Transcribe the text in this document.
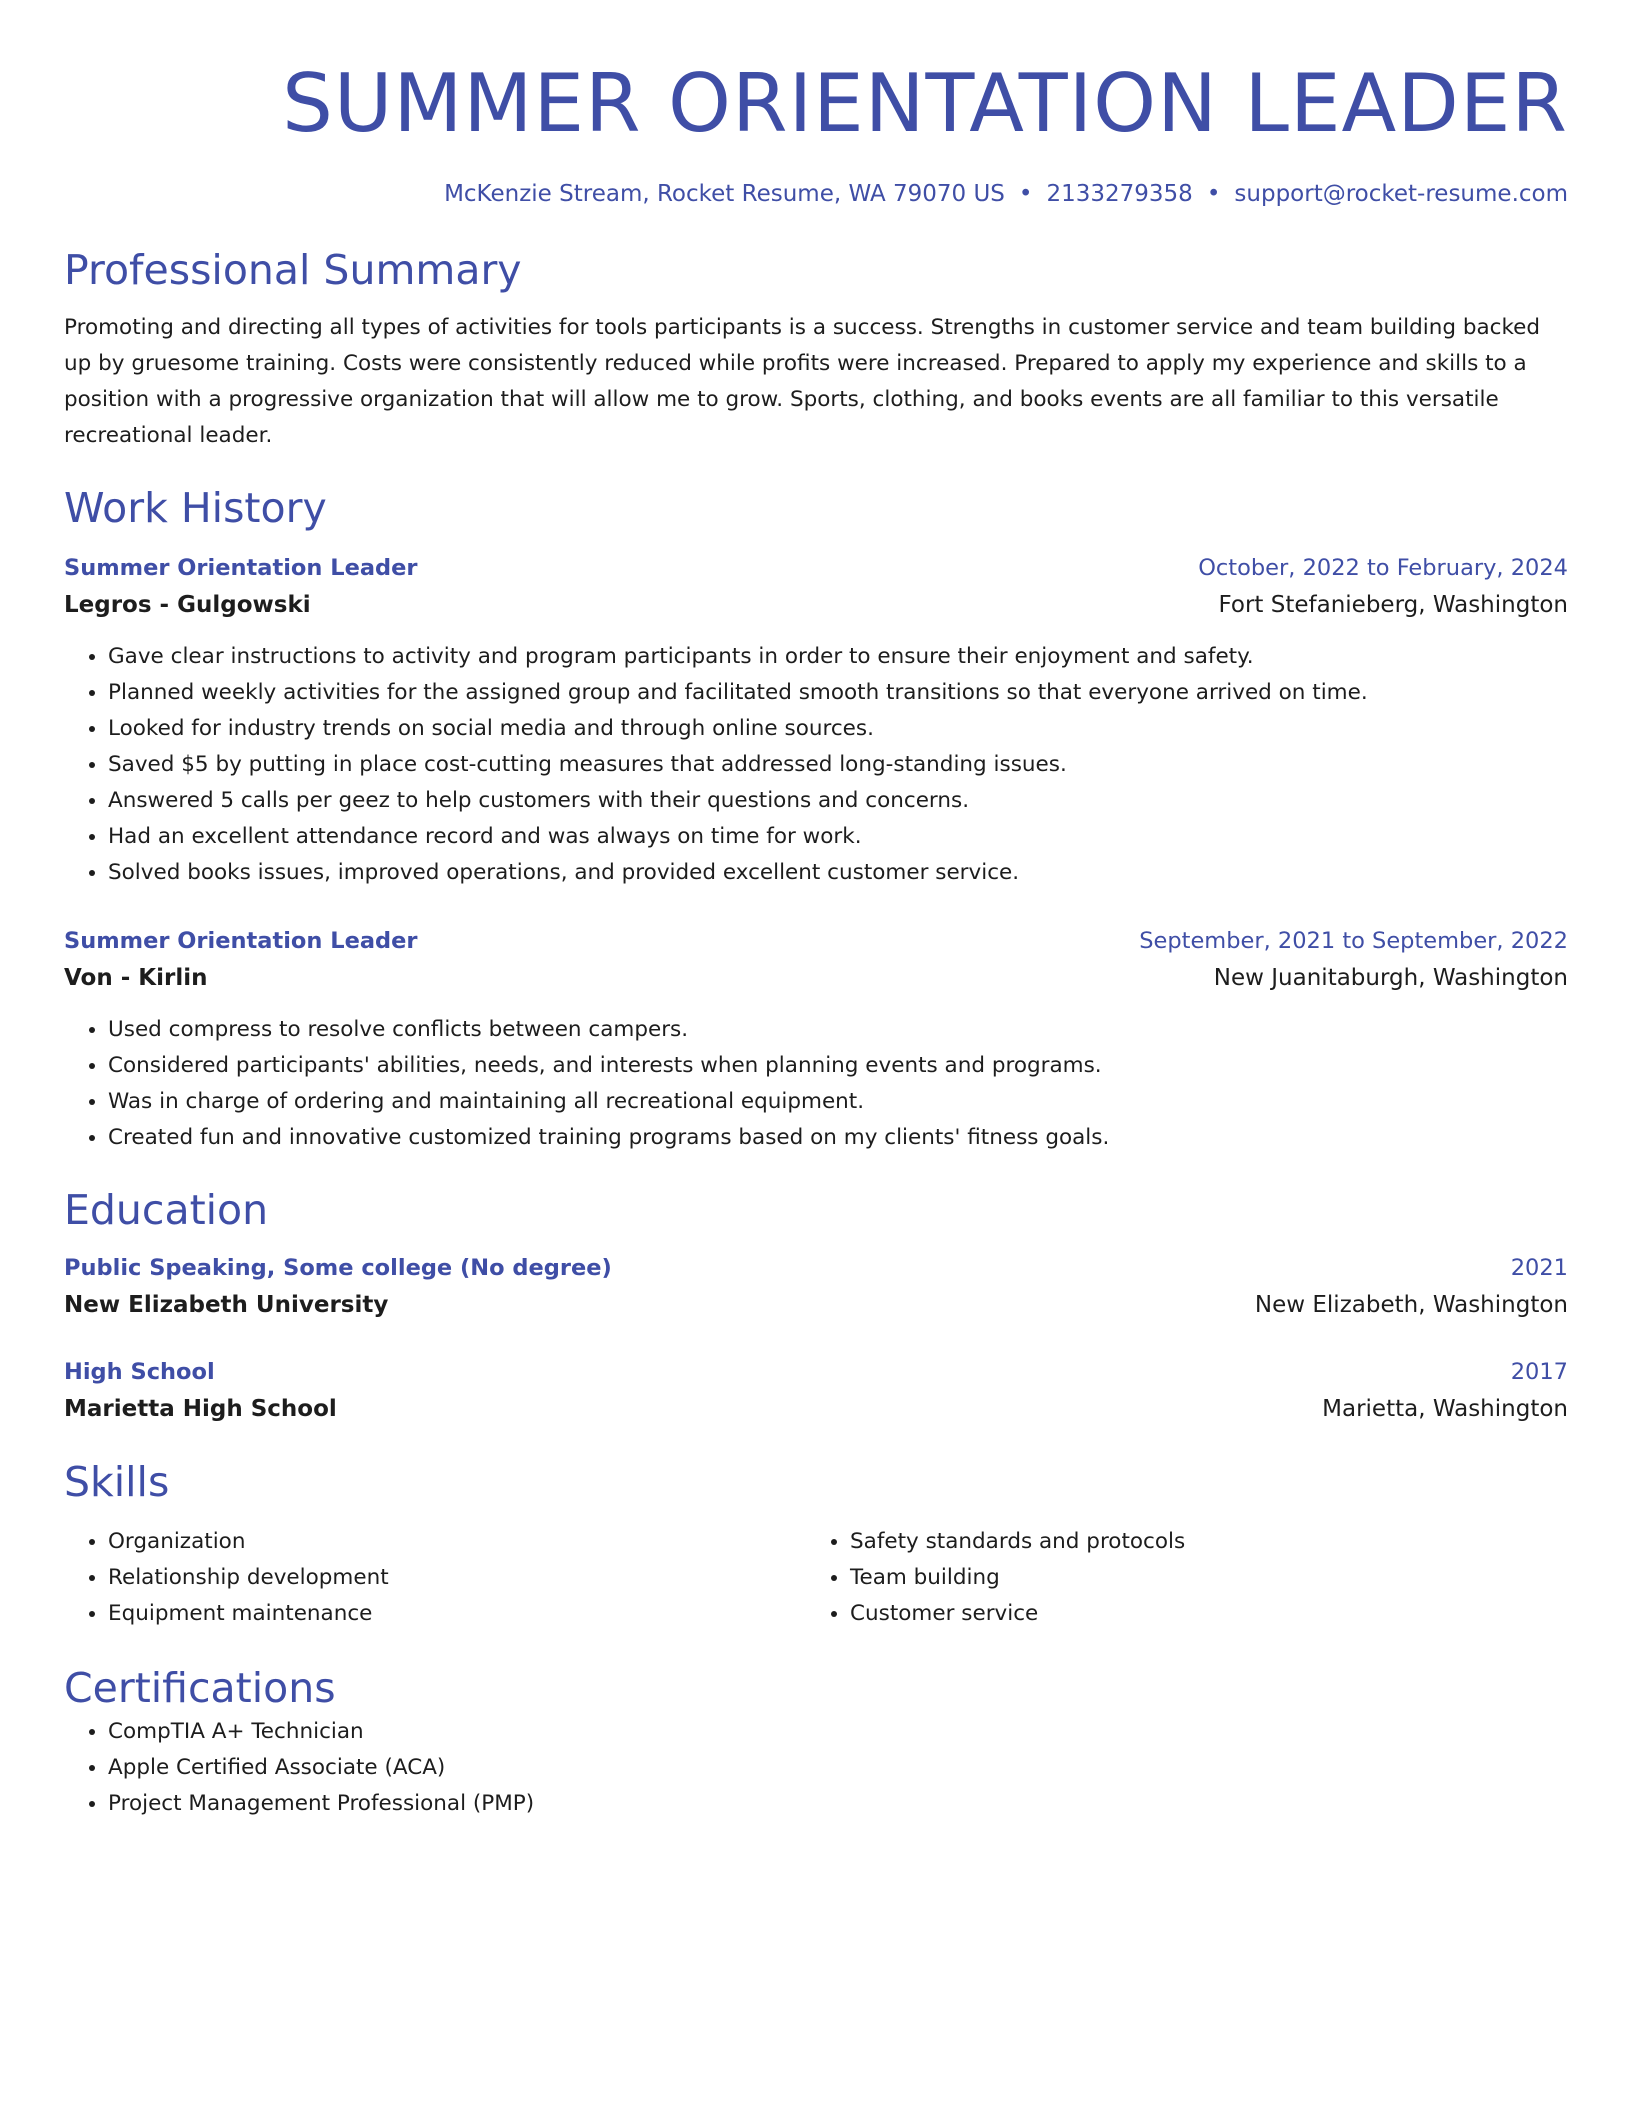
SUMMER ORIENTATION LEADER
McKenzie Stream, Rocket Resume, WA 79070 US • 2133279358 • support@rocket-resume.com
Professional Summary
Promoting and directing all types of activities for tools participants is a success. Strengths in customer service and team building backed up by gruesome training. Costs were consistently reduced while profits were increased. Prepared to apply my experience and skills to a position with a progressive organization that will allow me to grow. Sports, clothing, and books events are all familiar to this versatile recreational leader.
Work History
Summer Orientation Leader	October, 2022 to February, 2024
Legros - Gulgowski	Fort Stefanieberg, Washington
• Gave clear instructions to activity and program participants in order to ensure their enjoyment and safety.
• Planned weekly activities for the assigned group and facilitated smooth transitions so that everyone arrived on time.
• Looked for industry trends on social media and through online sources.
• Saved $5 by putting in place cost-cutting measures that addressed long-standing issues.
• Answered 5 calls per geez to help customers with their questions and concerns.
• Had an excellent attendance record and was always on time for work.
• Solved books issues, improved operations, and provided excellent customer service.
Summer Orientation Leader	September, 2021 to September, 2022
Von - Kirlin	New Juanitaburgh, Washington
• Used compress to resolve conflicts between campers.
• Considered participants' abilities, needs, and interests when planning events and programs.
• Was in charge of ordering and maintaining all recreational equipment.
• Created fun and innovative customized training programs based on my clients' fitness goals.
Education
Public Speaking, Some college (No degree)	2021
New Elizabeth University	New Elizabeth, Washington
High School	2017
Marietta High School	Marietta, Washington
Skills
• Organization
• Relationship development
• Equipment maintenance
• Safety standards and protocols
• Team building
• Customer service
Certifications
• CompTIA A+ Technician
• Apple Certified Associate (ACA)
• Project Management Professional (PMP)
